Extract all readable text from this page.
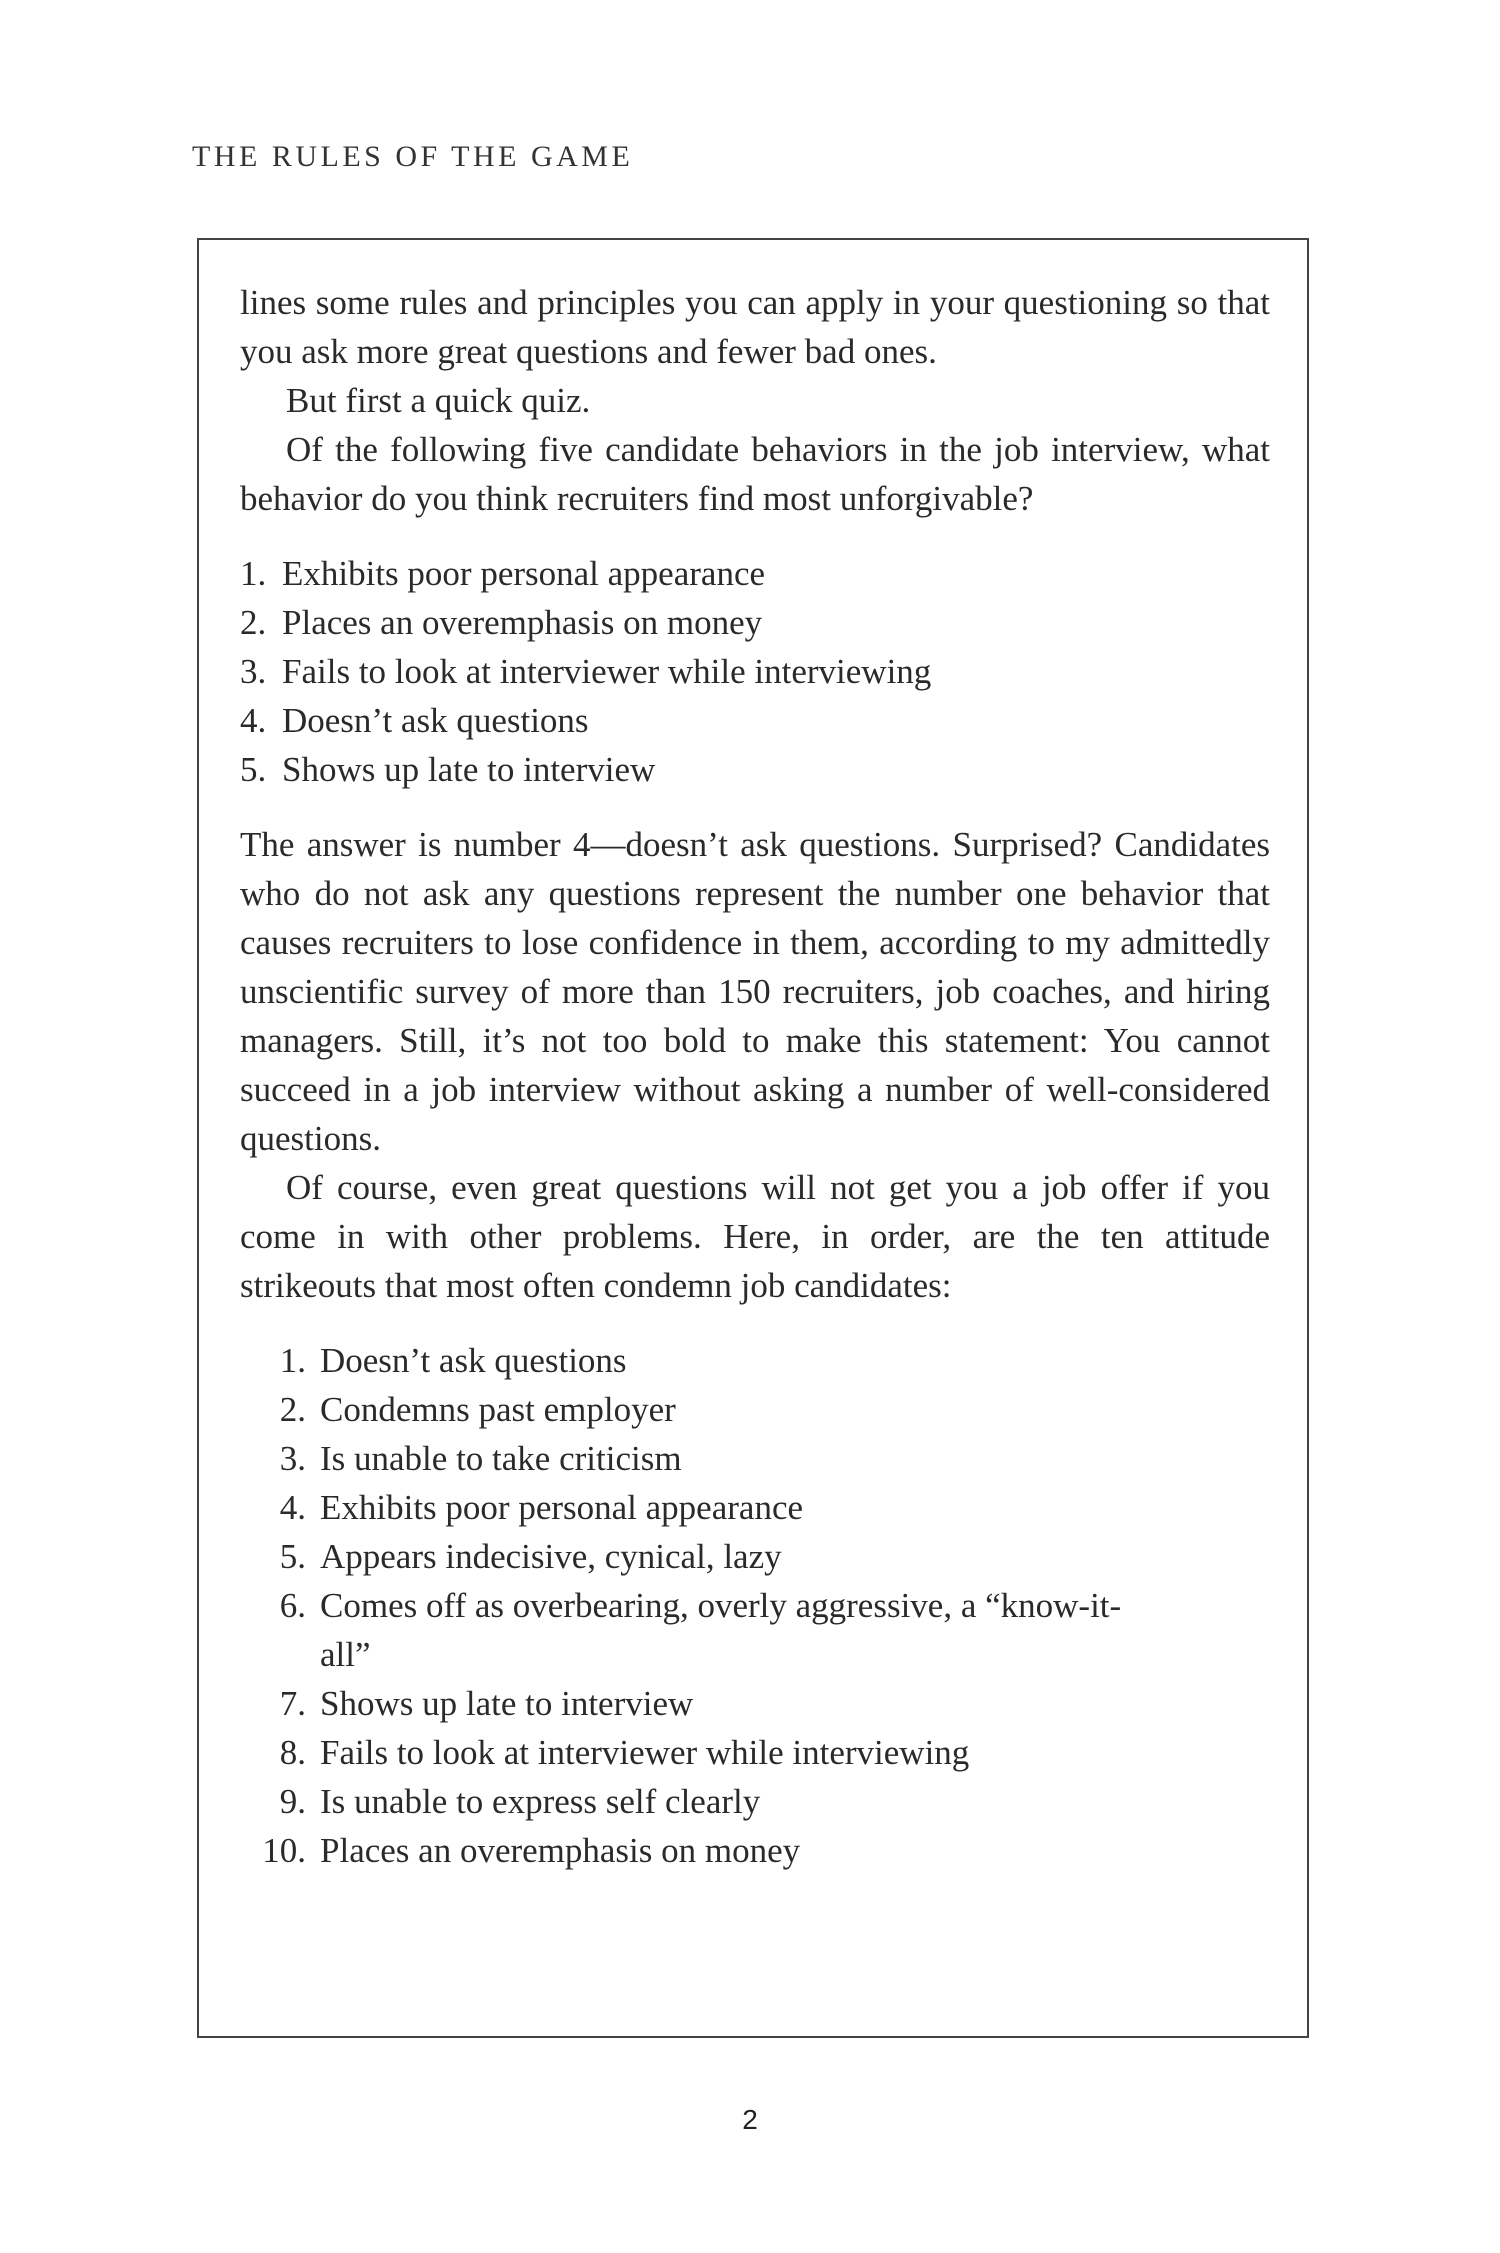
THE RULES OF THE GAME

lines some rules and principles you can apply in your questioning so that you ask more great questions and fewer bad ones.

But first a quick quiz.

Of the following five candidate behaviors in the job interview, what behavior do you think recruiters find most unforgivable?

1. Exhibits poor personal appearance
2. Places an overemphasis on money
3. Fails to look at interviewer while interviewing
4. Doesn’t ask questions
5. Shows up late to interview

The answer is number 4—doesn’t ask questions. Surprised? Candidates who do not ask any questions represent the number one behavior that causes recruiters to lose confidence in them, according to my admittedly unscientific survey of more than 150 recruiters, job coaches, and hiring managers. Still, it’s not too bold to make this statement: You cannot succeed in a job interview without asking a number of well-considered questions.

Of course, even great questions will not get you a job offer if you come in with other problems. Here, in order, are the ten attitude strikeouts that most often condemn job candidates:

1. Doesn’t ask questions
2. Condemns past employer
3. Is unable to take criticism
4. Exhibits poor personal appearance
5. Appears indecisive, cynical, lazy
6. Comes off as overbearing, overly aggressive, a “know-it-all”
7. Shows up late to interview
8. Fails to look at interviewer while interviewing
9. Is unable to express self clearly
10. Places an overemphasis on money
2
